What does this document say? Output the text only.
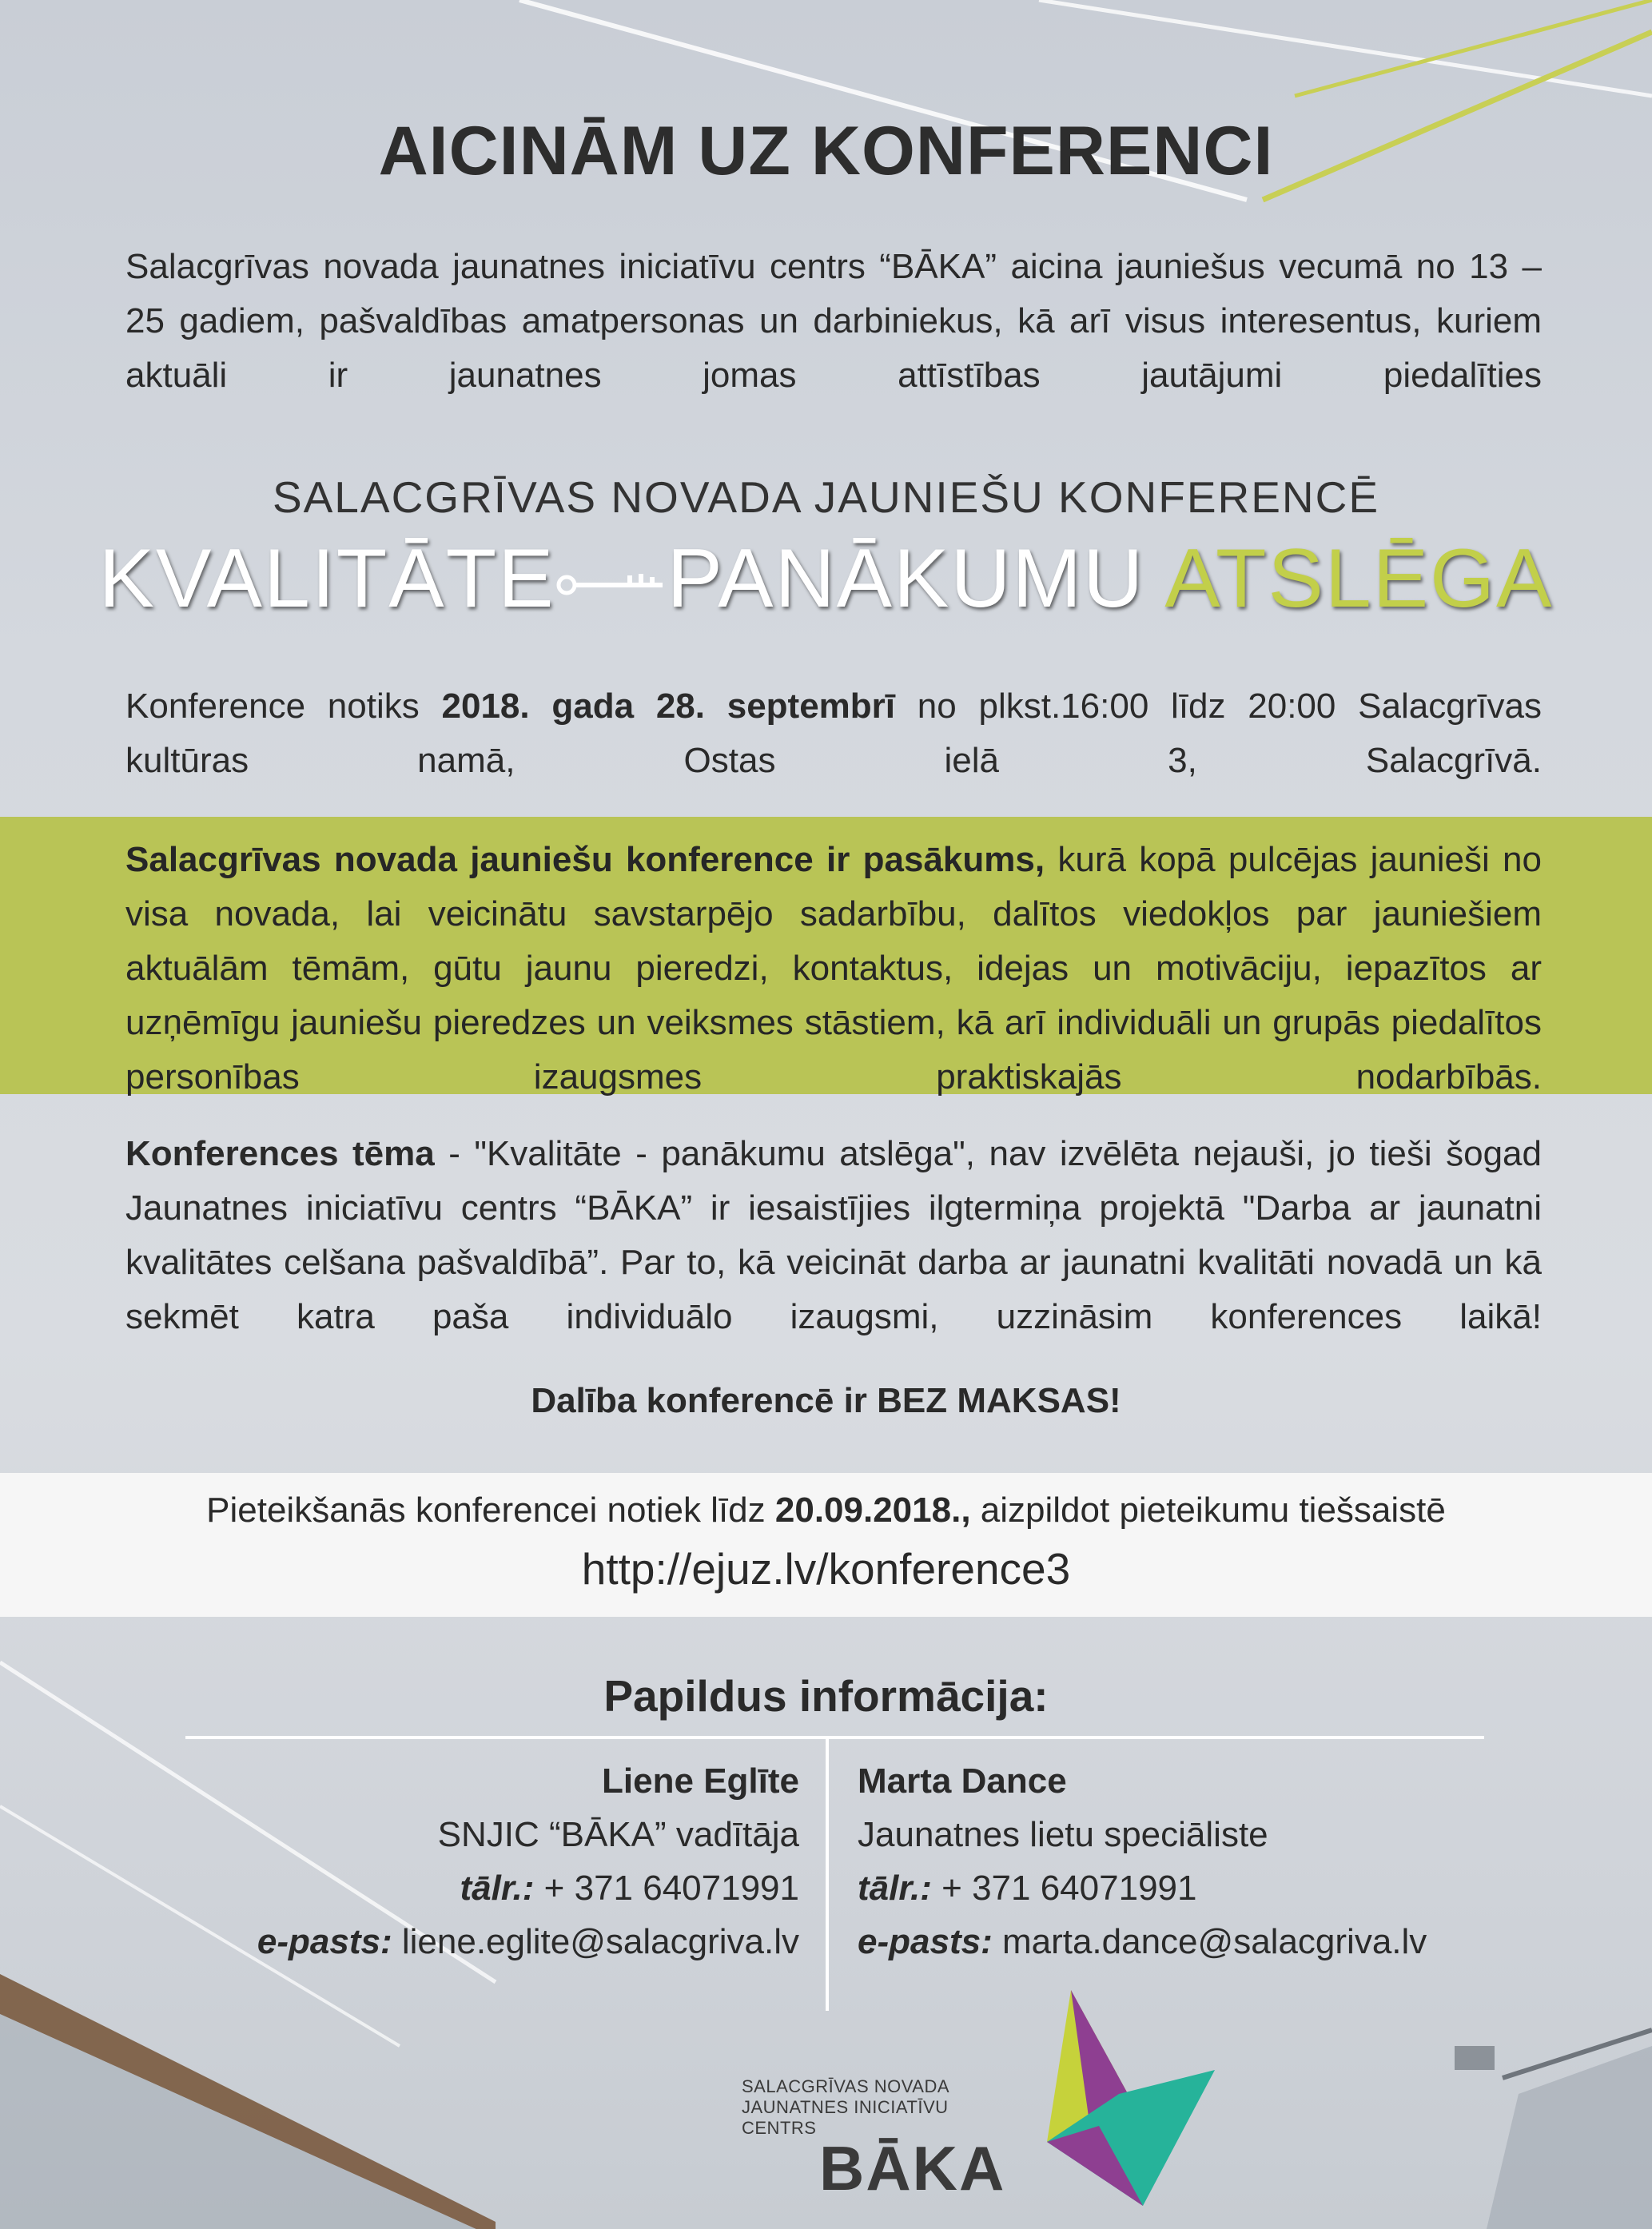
AICINĀM UZ KONFERENCI
Salacgrīvas novada jaunatnes iniciatīvu centrs “BĀKA” aicina jauniešus vecumā no 13 – 25 gadiem, pašvaldības amatpersonas un darbiniekus, kā arī visus interesentus, kuriem aktuāli ir jaunatnes jomas attīstības jautājumi piedalīties
SALACGRĪVAS NOVADA JAUNIEŠU KONFERENCĒ
KVALITĀTE PANĀKUMU ATSLĒGA
Konference notiks 2018. gada 28. septembrī no plkst.16:00 līdz 20:00 Salacgrīvas kultūras namā, Ostas ielā 3, Salacgrīvā.
Salacgrīvas novada jauniešu konference ir pasākums, kurā kopā pulcējas jaunieši no visa novada, lai veicinātu savstarpējo sadarbību, dalītos viedokļos par jauniešiem aktuālām tēmām, gūtu jaunu pieredzi, kontaktus, idejas un motivāciju, iepazītos ar uzņēmīgu jauniešu pieredzes un veiksmes stāstiem, kā arī individuāli un grupās piedalītos personības izaugsmes praktiskajās nodarbībās.
Konferences tēma - "Kvalitāte - panākumu atslēga", nav izvēlēta nejauši, jo tieši šogad Jaunatnes iniciatīvu centrs “BĀKA” ir iesaistījies ilgtermiņa projektā "Darba ar jaunatni kvalitātes celšana pašvaldībā”. Par to, kā veicināt darba ar jaunatni kvalitāti novadā un kā sekmēt katra paša individuālo izaugsmi, uzzināsim konferences laikā!
Dalība konferencē ir BEZ MAKSAS!
Pieteikšanās konferencei notiek līdz 20.09.2018., aizpildot pieteikumu tiešsaistē
http://ejuz.lv/konference3
Papildus informācija:
Liene Eglīte
SNJIC “BĀKA” vadītāja
tālr.: + 371 64071991
e-pasts: liene.eglite@salacgriva.lv
Marta Dance
Jaunatnes lietu speciāliste
tālr.: + 371 64071991
e-pasts: marta.dance@salacgriva.lv
SALACGRĪVAS NOVADA
JAUNATNES INICIATĪVU
CENTRS
BĀKA
